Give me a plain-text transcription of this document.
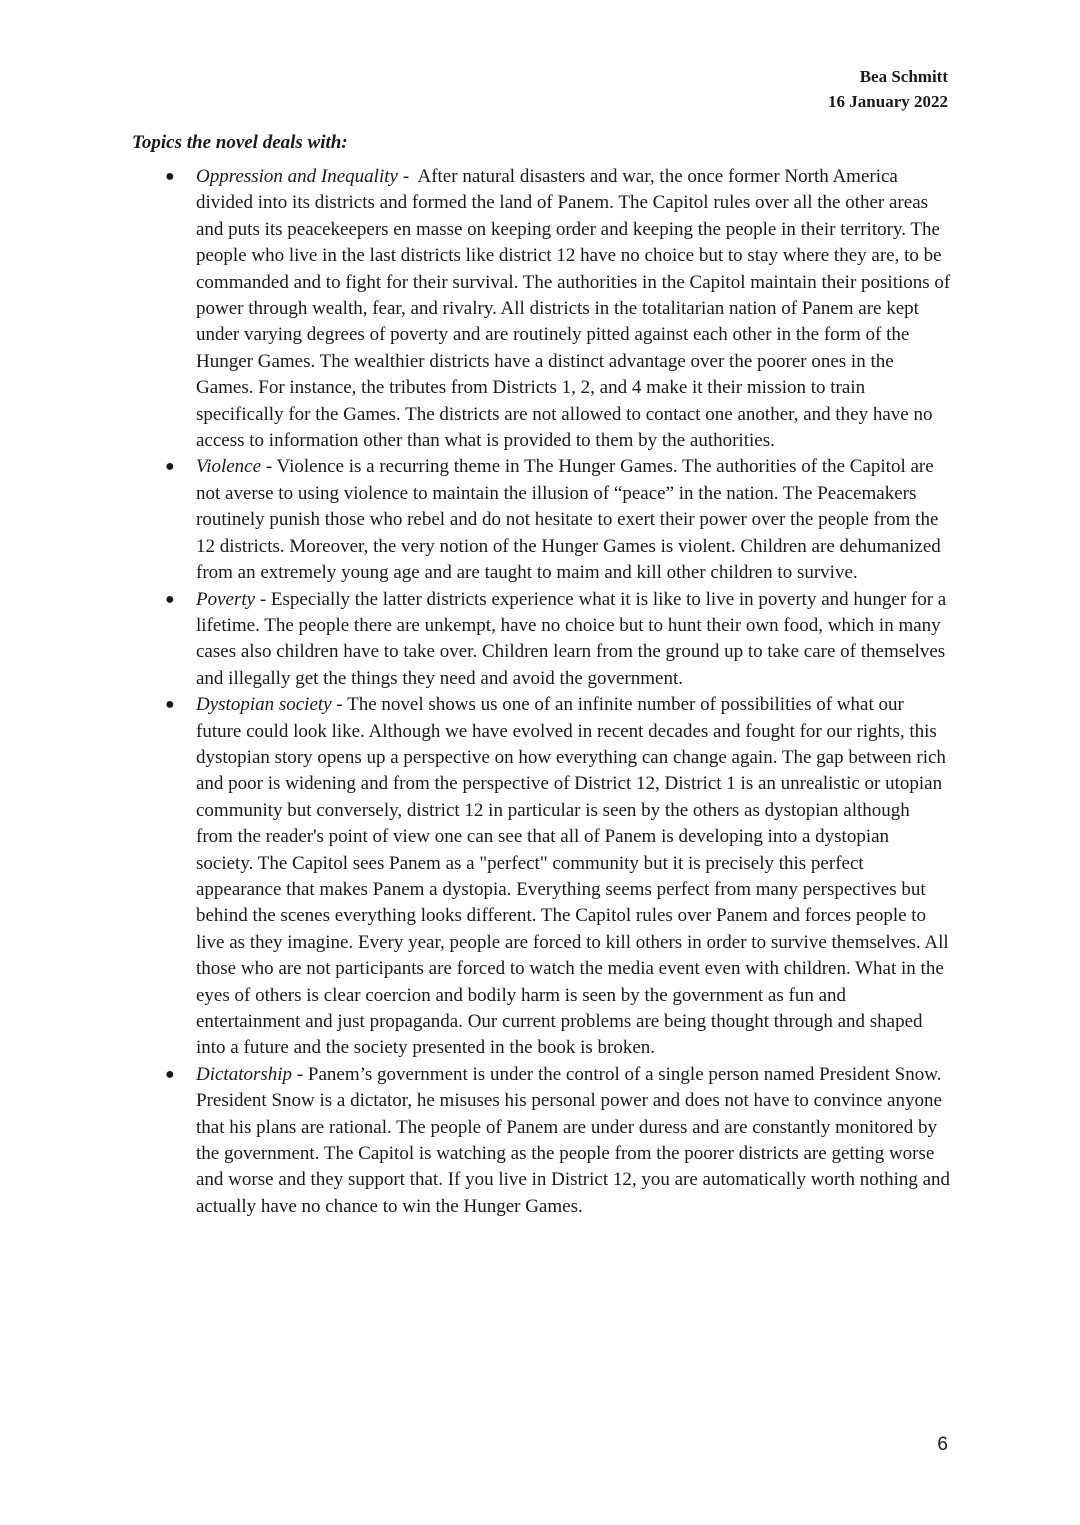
Bea Schmitt
16 January 2022

Topics the novel deals with:

● Oppression and Inequality -  After natural disasters and war, the once former North America divided into its districts and formed the land of Panem. The Capitol rules over all the other areas and puts its peacekeepers en masse on keeping order and keeping the people in their territory. The people who live in the last districts like district 12 have no choice but to stay where they are, to be commanded and to fight for their survival. The authorities in the Capitol maintain their positions of power through wealth, fear, and rivalry. All districts in the totalitarian nation of Panem are kept under varying degrees of poverty and are routinely pitted against each other in the form of the Hunger Games. The wealthier districts have a distinct advantage over the poorer ones in the Games. For instance, the tributes from Districts 1, 2, and 4 make it their mission to train specifically for the Games. The districts are not allowed to contact one another, and they have no access to information other than what is provided to them by the authorities.
● Violence - Violence is a recurring theme in The Hunger Games. The authorities of the Capitol are not averse to using violence to maintain the illusion of “peace” in the nation. The Peacemakers routinely punish those who rebel and do not hesitate to exert their power over the people from the 12 districts. Moreover, the very notion of the Hunger Games is violent. Children are dehumanized from an extremely young age and are taught to maim and kill other children to survive.
● Poverty - Especially the latter districts experience what it is like to live in poverty and hunger for a lifetime. The people there are unkempt, have no choice but to hunt their own food, which in many cases also children have to take over. Children learn from the ground up to take care of themselves and illegally get the things they need and avoid the government.
● Dystopian society - The novel shows us one of an infinite number of possibilities of what our future could look like. Although we have evolved in recent decades and fought for our rights, this dystopian story opens up a perspective on how everything can change again. The gap between rich and poor is widening and from the perspective of District 12, District 1 is an unrealistic or utopian community but conversely, district 12 in particular is seen by the others as dystopian although from the reader's point of view one can see that all of Panem is developing into a dystopian society. The Capitol sees Panem as a "perfect" community but it is precisely this perfect appearance that makes Panem a dystopia. Everything seems perfect from many perspectives but behind the scenes everything looks different. The Capitol rules over Panem and forces people to live as they imagine. Every year, people are forced to kill others in order to survive themselves. All those who are not participants are forced to watch the media event even with children. What in the eyes of others is clear coercion and bodily harm is seen by the government as fun and entertainment and just propaganda. Our current problems are being thought through and shaped into a future and the society presented in the book is broken.
● Dictatorship - Panem’s government is under the control of a single person named President Snow. President Snow is a dictator, he misuses his personal power and does not have to convince anyone that his plans are rational. The people of Panem are under duress and are constantly monitored by the government. The Capitol is watching as the people from the poorer districts are getting worse and worse and they support that. If you live in District 12, you are automatically worth nothing and actually have no chance to win the Hunger Games.
6
